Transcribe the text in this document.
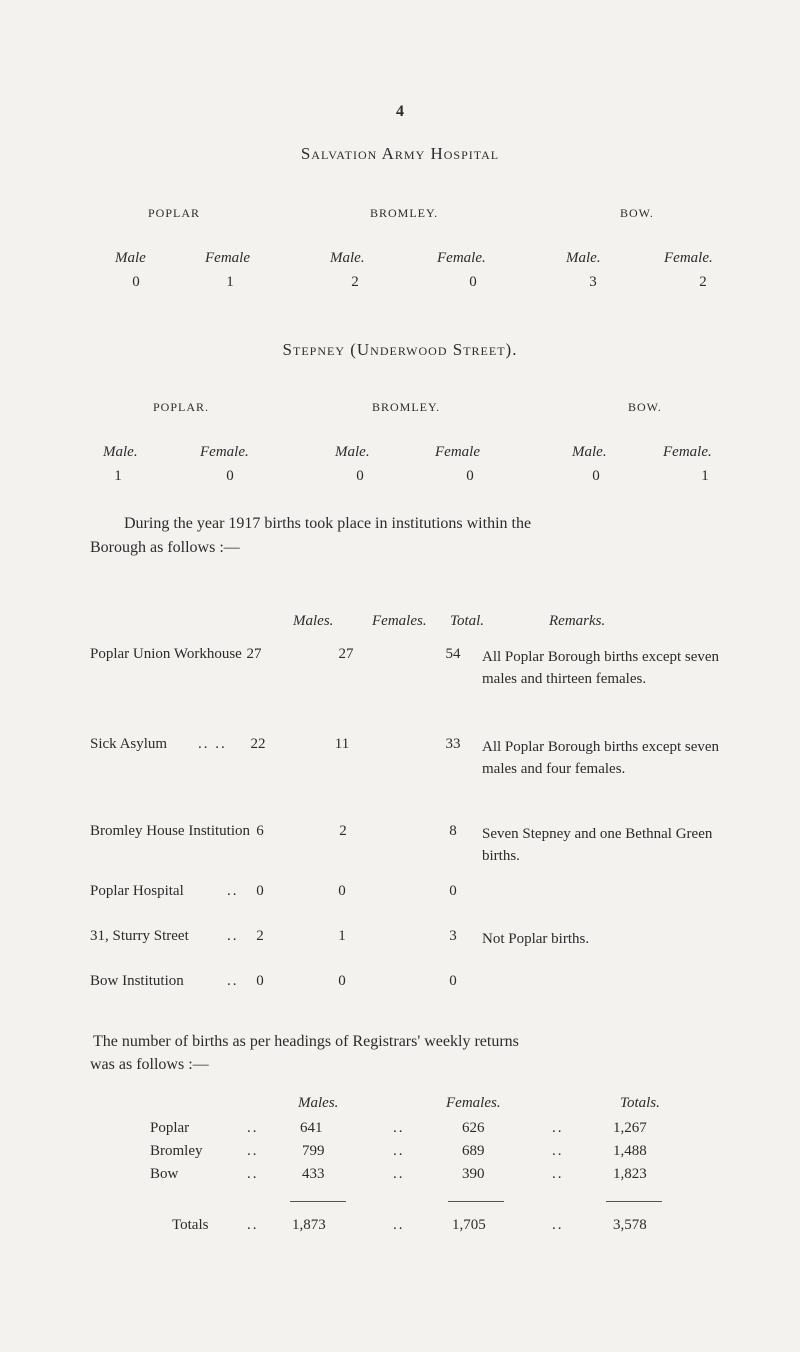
4
Salvation Army Hospital
POPLAR	BROMLEY.	BOW.
Male	Female	Male.	Female.	Male.	Female.
0	1	2	0	3	2
Stepney (Underwood Street).
POPLAR.	BROMLEY.	BOW.
Male.	Female.	Male.	Female	Male.	Female.
1	0	0	0	0	1
During the year 1917 births took place in institutions within the
Borough as follows :—
Males.	Females. Total.	Remarks.
Poplar Union Workhouse 27	27	54	All Poplar Borough births except seven males and thirteen females.
Sick Asylum .. ..	22	11	33	All Poplar Borough births except seven males and four females.
Bromley House Institution 6	2	8	Seven Stepney and one Bethnal Green births.
Poplar Hospital	..	0	0	0
31, Sturry Street	..	2	1	3	Not Poplar births.
Bow Institution	..	0	0	0
The number of births as per headings of Registrars' weekly returns
was as follows :—
Males.	Females.	Totals.
Poplar	..	641	..	626	..	1,267
Bromley	..	799	..	689	..	1,488
Bow	..	433	..	390	..	1,823
Totals	.. 1,873	..	1,705	..	3,578
